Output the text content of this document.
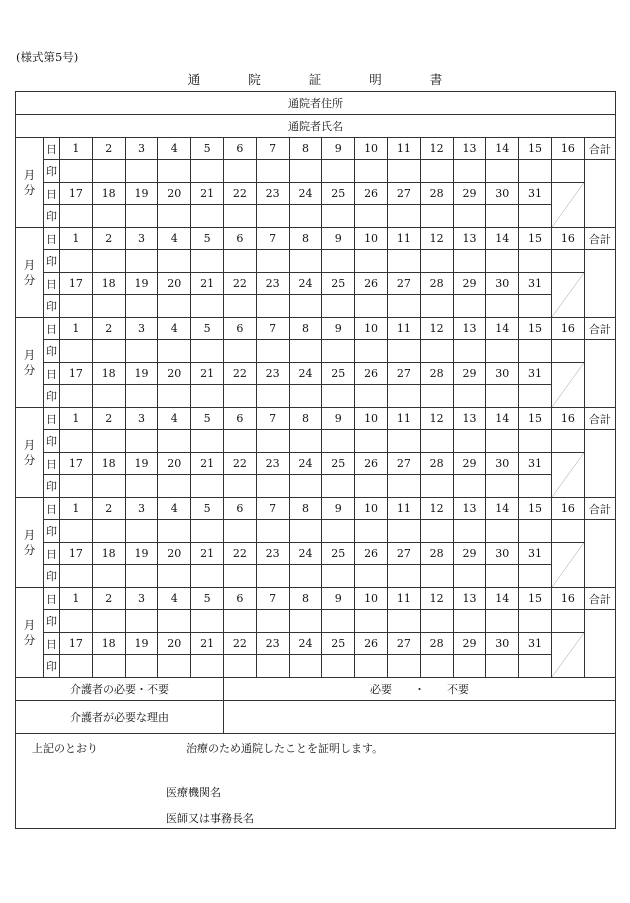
(様式第5号)
通 院 証 明 書
通院者住所																		
通院者氏名																		
月
分	日	1	2	3	4	5	6	7	8	9	10	11	12	13	14	15	16	合計
	印																	
	日	17	18	19	20	21	22	23	24	25	26	27	28	29	30	31	

	印																	
月
分	日	1	2	3	4	5	6	7	8	9	10	11	12	13	14	15	16	合計
	印																	
	日	17	18	19	20	21	22	23	24	25	26	27	28	29	30	31	

	印																	
月
分	日	1	2	3	4	5	6	7	8	9	10	11	12	13	14	15	16	合計
	印																	
	日	17	18	19	20	21	22	23	24	25	26	27	28	29	30	31	

	印																	
月
分	日	1	2	3	4	5	6	7	8	9	10	11	12	13	14	15	16	合計
	印																	
	日	17	18	19	20	21	22	23	24	25	26	27	28	29	30	31	

	印																	
月
分	日	1	2	3	4	5	6	7	8	9	10	11	12	13	14	15	16	合計
	印																	
	日	17	18	19	20	21	22	23	24	25	26	27	28	29	30	31	

	印																	
月
分	日	1	2	3	4	5	6	7	8	9	10	11	12	13	14	15	16	合計
	印																	
	日	17	18	19	20	21	22	23	24	25	26	27	28	29	30	31	

	印																	
介護者の必要・不要							必要　　・　　不要											
介護者が必要な理由																		

上記のとおり 治療のため通院したことを証明します。
医療機関名
医師又は事務長名																		
